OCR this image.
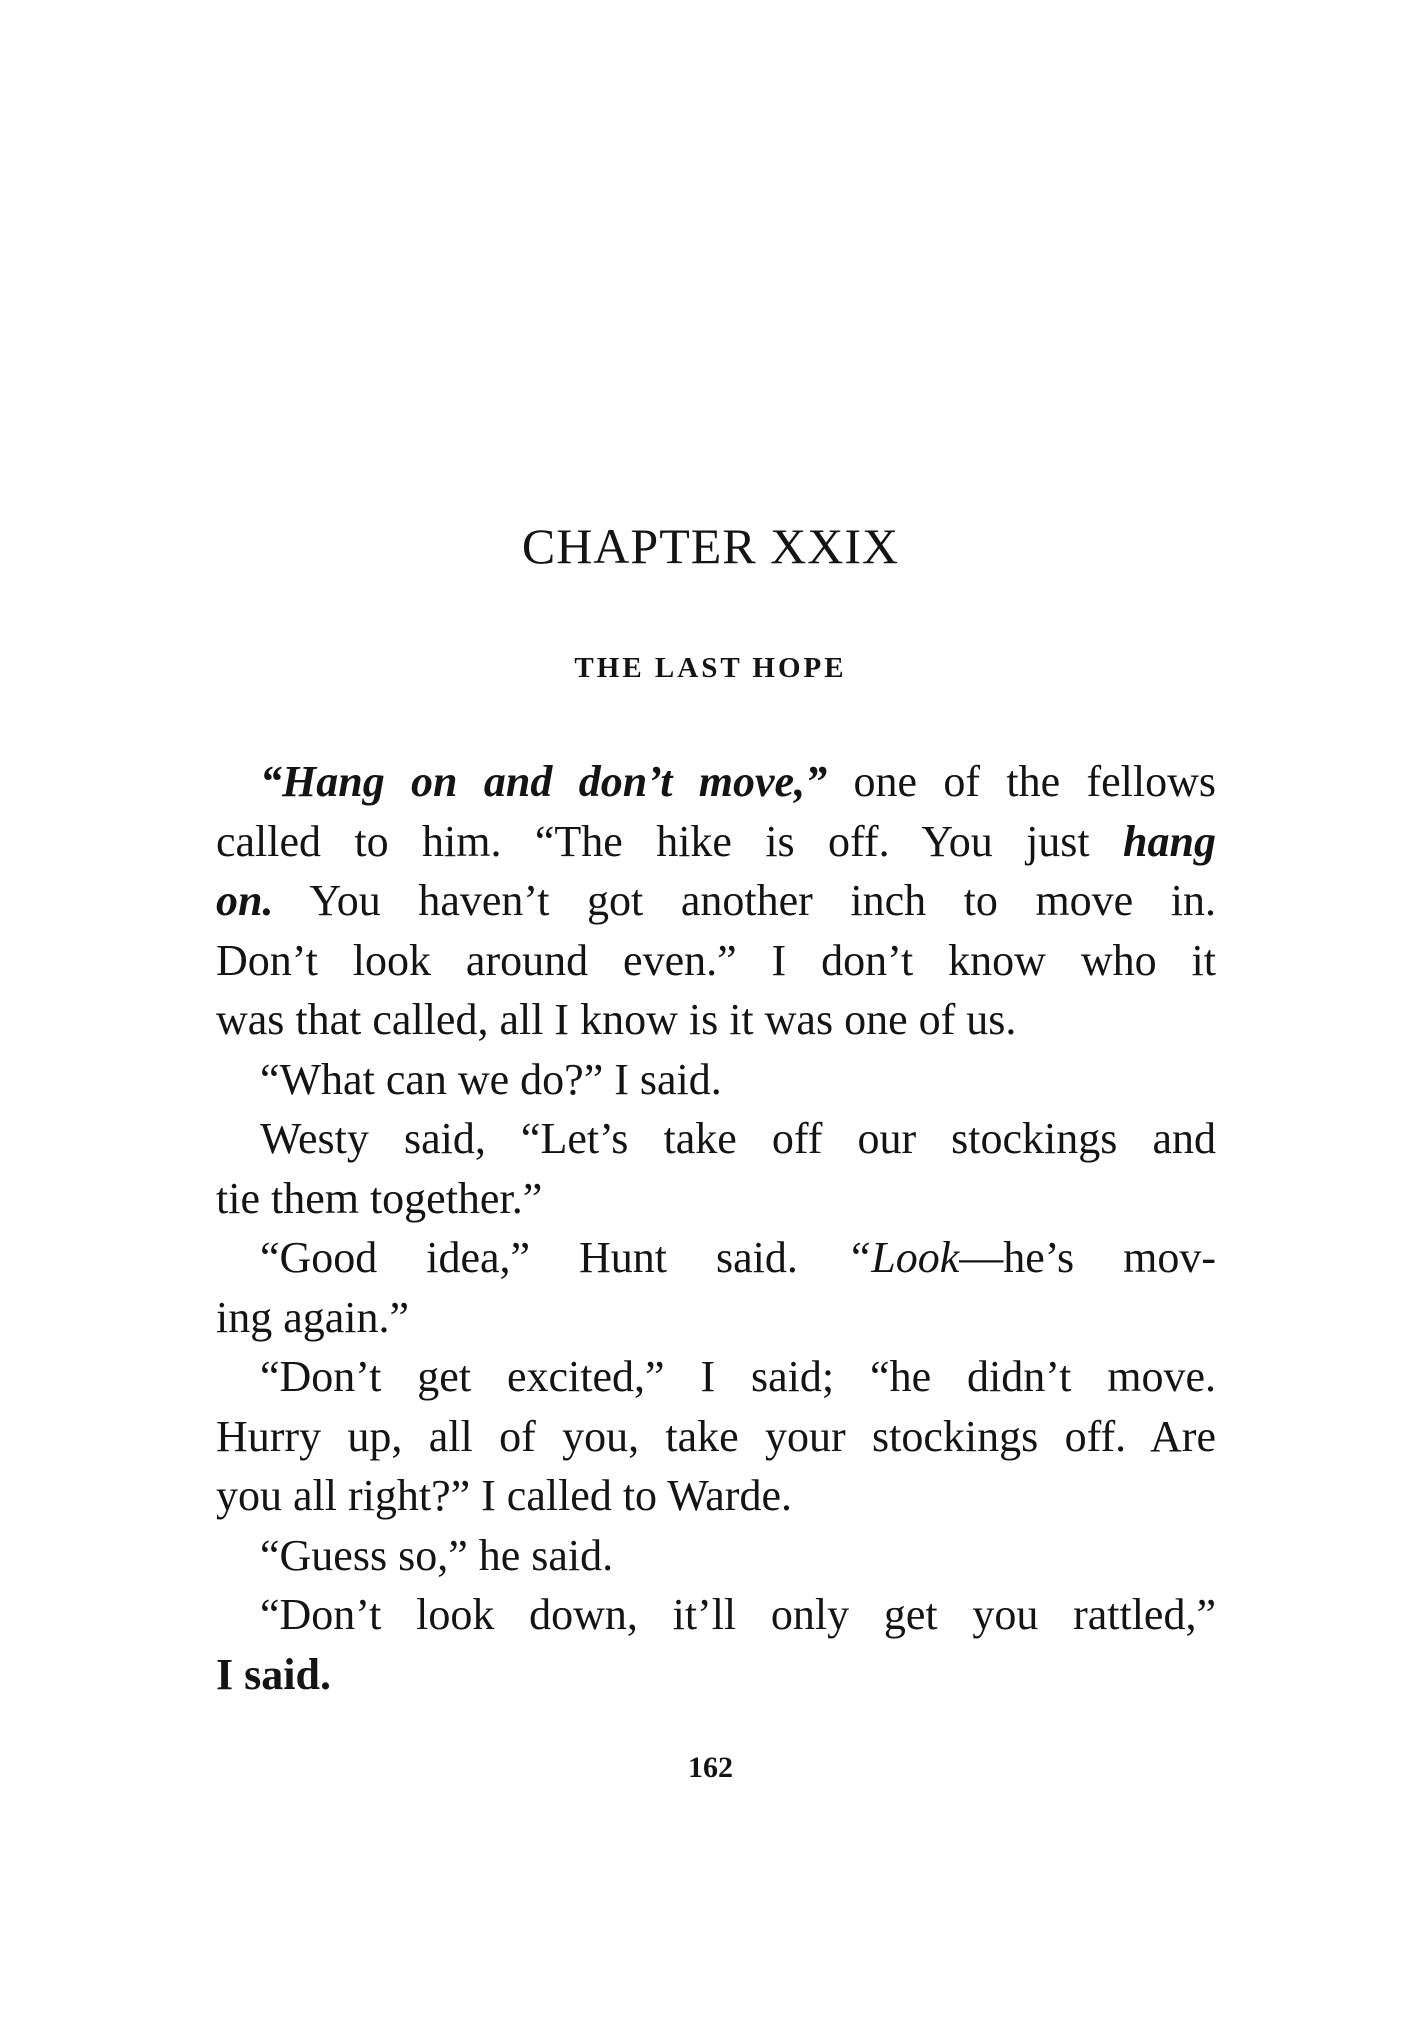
CHAPTER XXIX
THE LAST HOPE
“Hang on and don’t move,” one of the fellows
called to him. “The hike is off. You just hang
on. You haven’t got another inch to move in.
Don’t look around even.” I don’t know who it
was that called, all I know is it was one of us.
“What can we do?” I said.
Westy said, “Let’s take off our stockings and
tie them together.”
“Good idea,” Hunt said. “Look—he’s mov-
ing again.”
“Don’t get excited,” I said; “he didn’t move.
Hurry up, all of you, take your stockings off. Are
you all right?” I called to Warde.
“Guess so,” he said.
“Don’t look down, it’ll only get you rattled,”
I said.
162
